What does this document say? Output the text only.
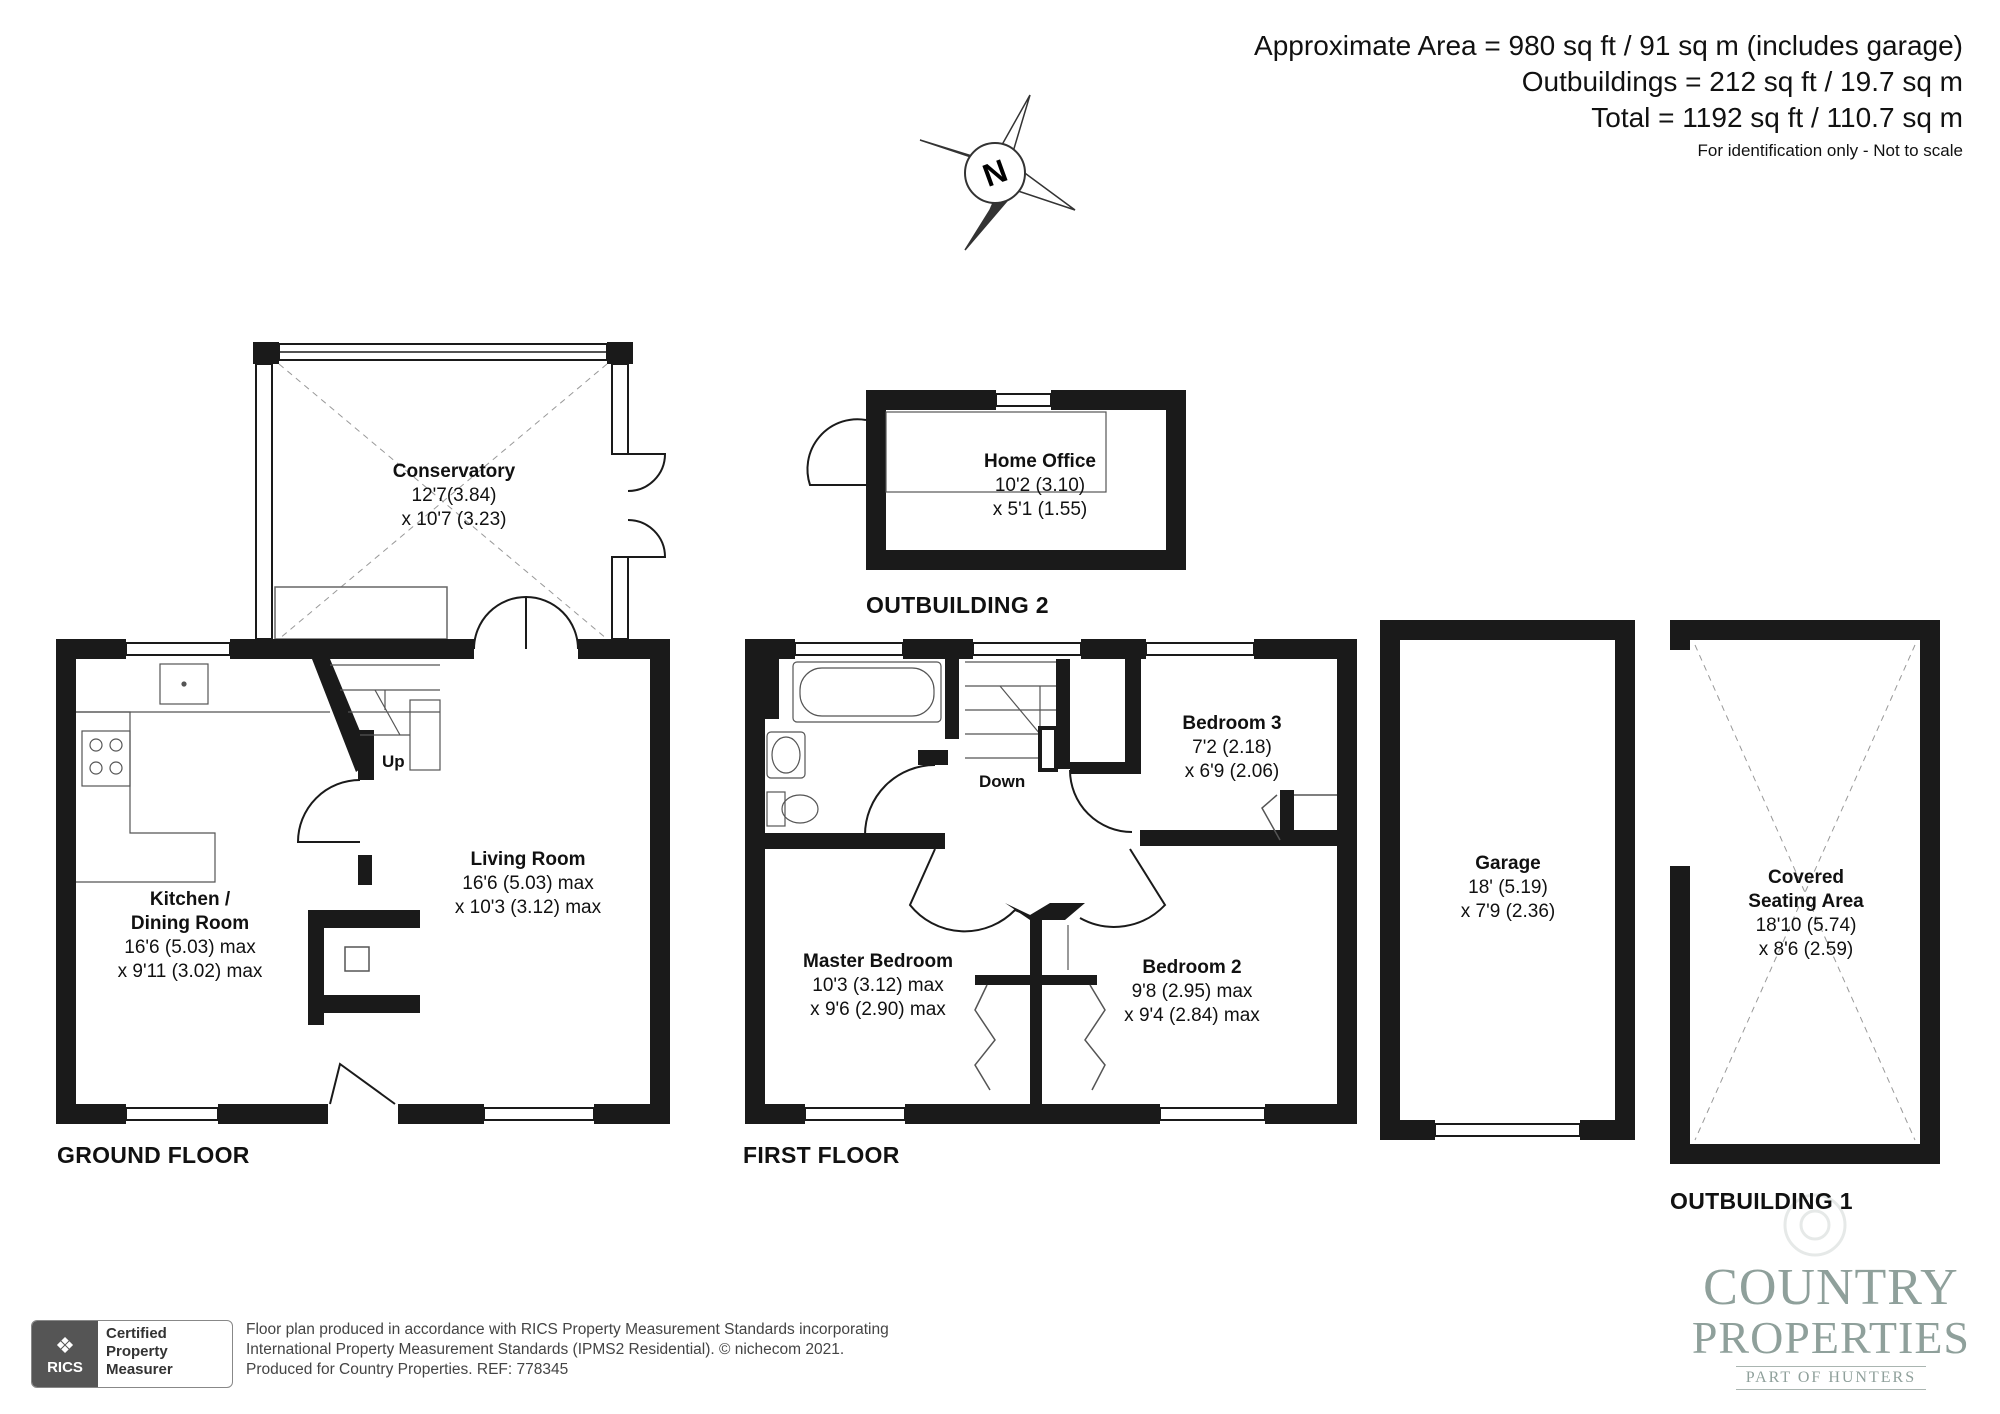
Approximate Area = 980 sq ft / 91 sq m (includes garage)
Outbuildings = 212 sq ft / 19.7 sq m
Total = 1192 sq ft / 110.7 sq m
For identification only - Not to scale
N
Conservatory
12'7(3.84)
x 10'7 (3.23)
Kitchen /
Dining Room
16'6 (5.03) max
x 9'11 (3.02) max
Living Room
16'6 (5.03) max
x 10'3 (3.12) max
Home Office
10'2 (3.10)
x 5'1 (1.55)
Bedroom 3
7'2 (2.18)
x 6'9 (2.06)
Master Bedroom
10'3 (3.12) max
x 9'6 (2.90) max
Bedroom 2
9'8 (2.95) max
x 9'4 (2.84) max
Garage
18' (5.19)
x 7'9 (2.36)
Covered
Seating Area
18'10 (5.74)
x 8'6 (2.59)
Up
Down
GROUND FLOOR	FIRST FLOOR
OUTBUILDING 2
OUTBUILDING 1
❖
RICS
Certified
Property
Measurer
Floor plan produced in accordance with RICS Property Measurement Standards incorporating
International Property Measurement Standards (IPMS2 Residential). © nichecom 2021.
Produced for Country Properties. REF: 778345
COUNTRY
PROPERTIES
PART OF HUNTERS
